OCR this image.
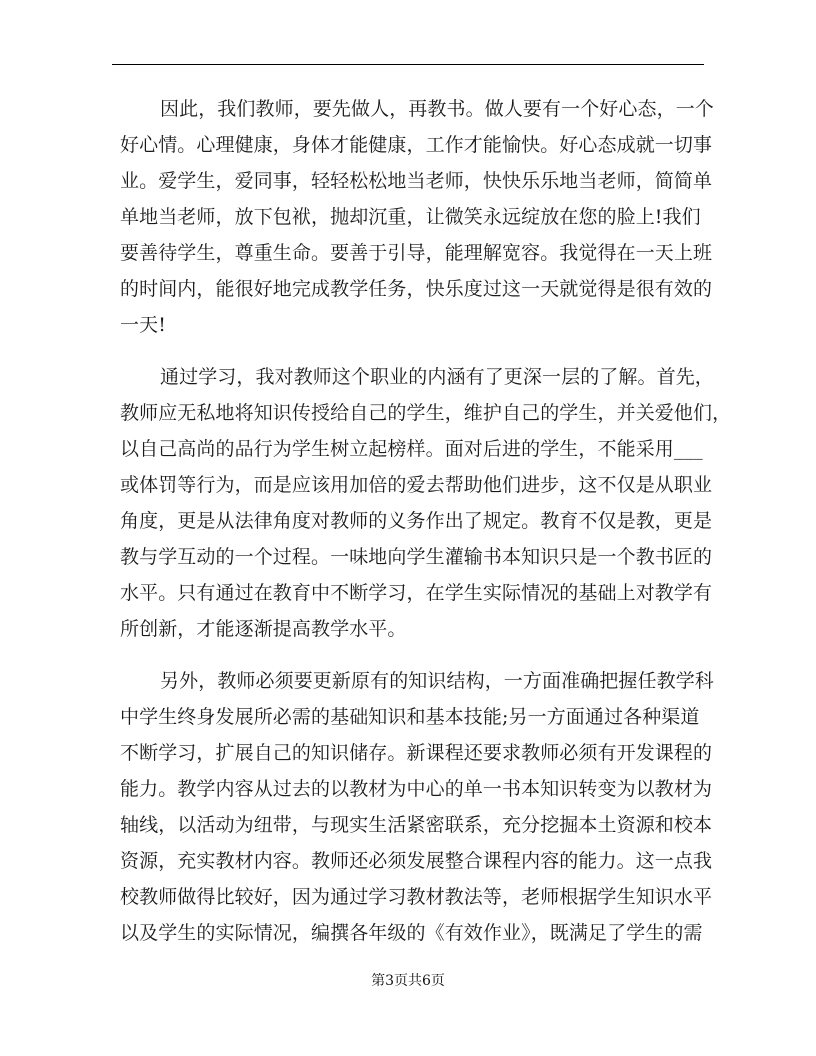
因此，我们教师，要先做人，再教书。做人要有一个好心态，一个
好心情。心理健康，身体才能健康，工作才能愉快。好心态成就一切事
业。爱学生，爱同事，轻轻松松地当老师，快快乐乐地当老师，简简单
单地当老师，放下包袱，抛却沉重，让微笑永远绽放在您的脸上!我们
要善待学生，尊重生命。要善于引导，能理解宽容。我觉得在一天上班
的时间内，能很好地完成教学任务，快乐度过这一天就觉得是很有效的
一天!
通过学习，我对教师这个职业的内涵有了更深一层的了解。首先，
教师应无私地将知识传授给自己的学生，维护自己的学生，并关爱他们，
以自己高尚的品行为学生树立起榜样。面对后进的学生，不能采用___
或体罚等行为，而是应该用加倍的爱去帮助他们进步，这不仅是从职业
角度，更是从法律角度对教师的义务作出了规定。教育不仅是教，更是
教与学互动的一个过程。一味地向学生灌输书本知识只是一个教书匠的
水平。只有通过在教育中不断学习，在学生实际情况的基础上对教学有
所创新，才能逐渐提高教学水平。
另外，教师必须要更新原有的知识结构，一方面准确把握任教学科
中学生终身发展所必需的基础知识和基本技能;另一方面通过各种渠道
不断学习，扩展自己的知识储存。新课程还要求教师必须有开发课程的
能力。教学内容从过去的以教材为中心的单一书本知识转变为以教材为
轴线，以活动为纽带，与现实生活紧密联系，充分挖掘本土资源和校本
资源，充实教材内容。教师还必须发展整合课程内容的能力。这一点我
校教师做得比较好，因为通过学习教材教法等，老师根据学生知识水平
以及学生的实际情况，编撰各年级的《有效作业》，既满足了学生的需
第3页共6页
